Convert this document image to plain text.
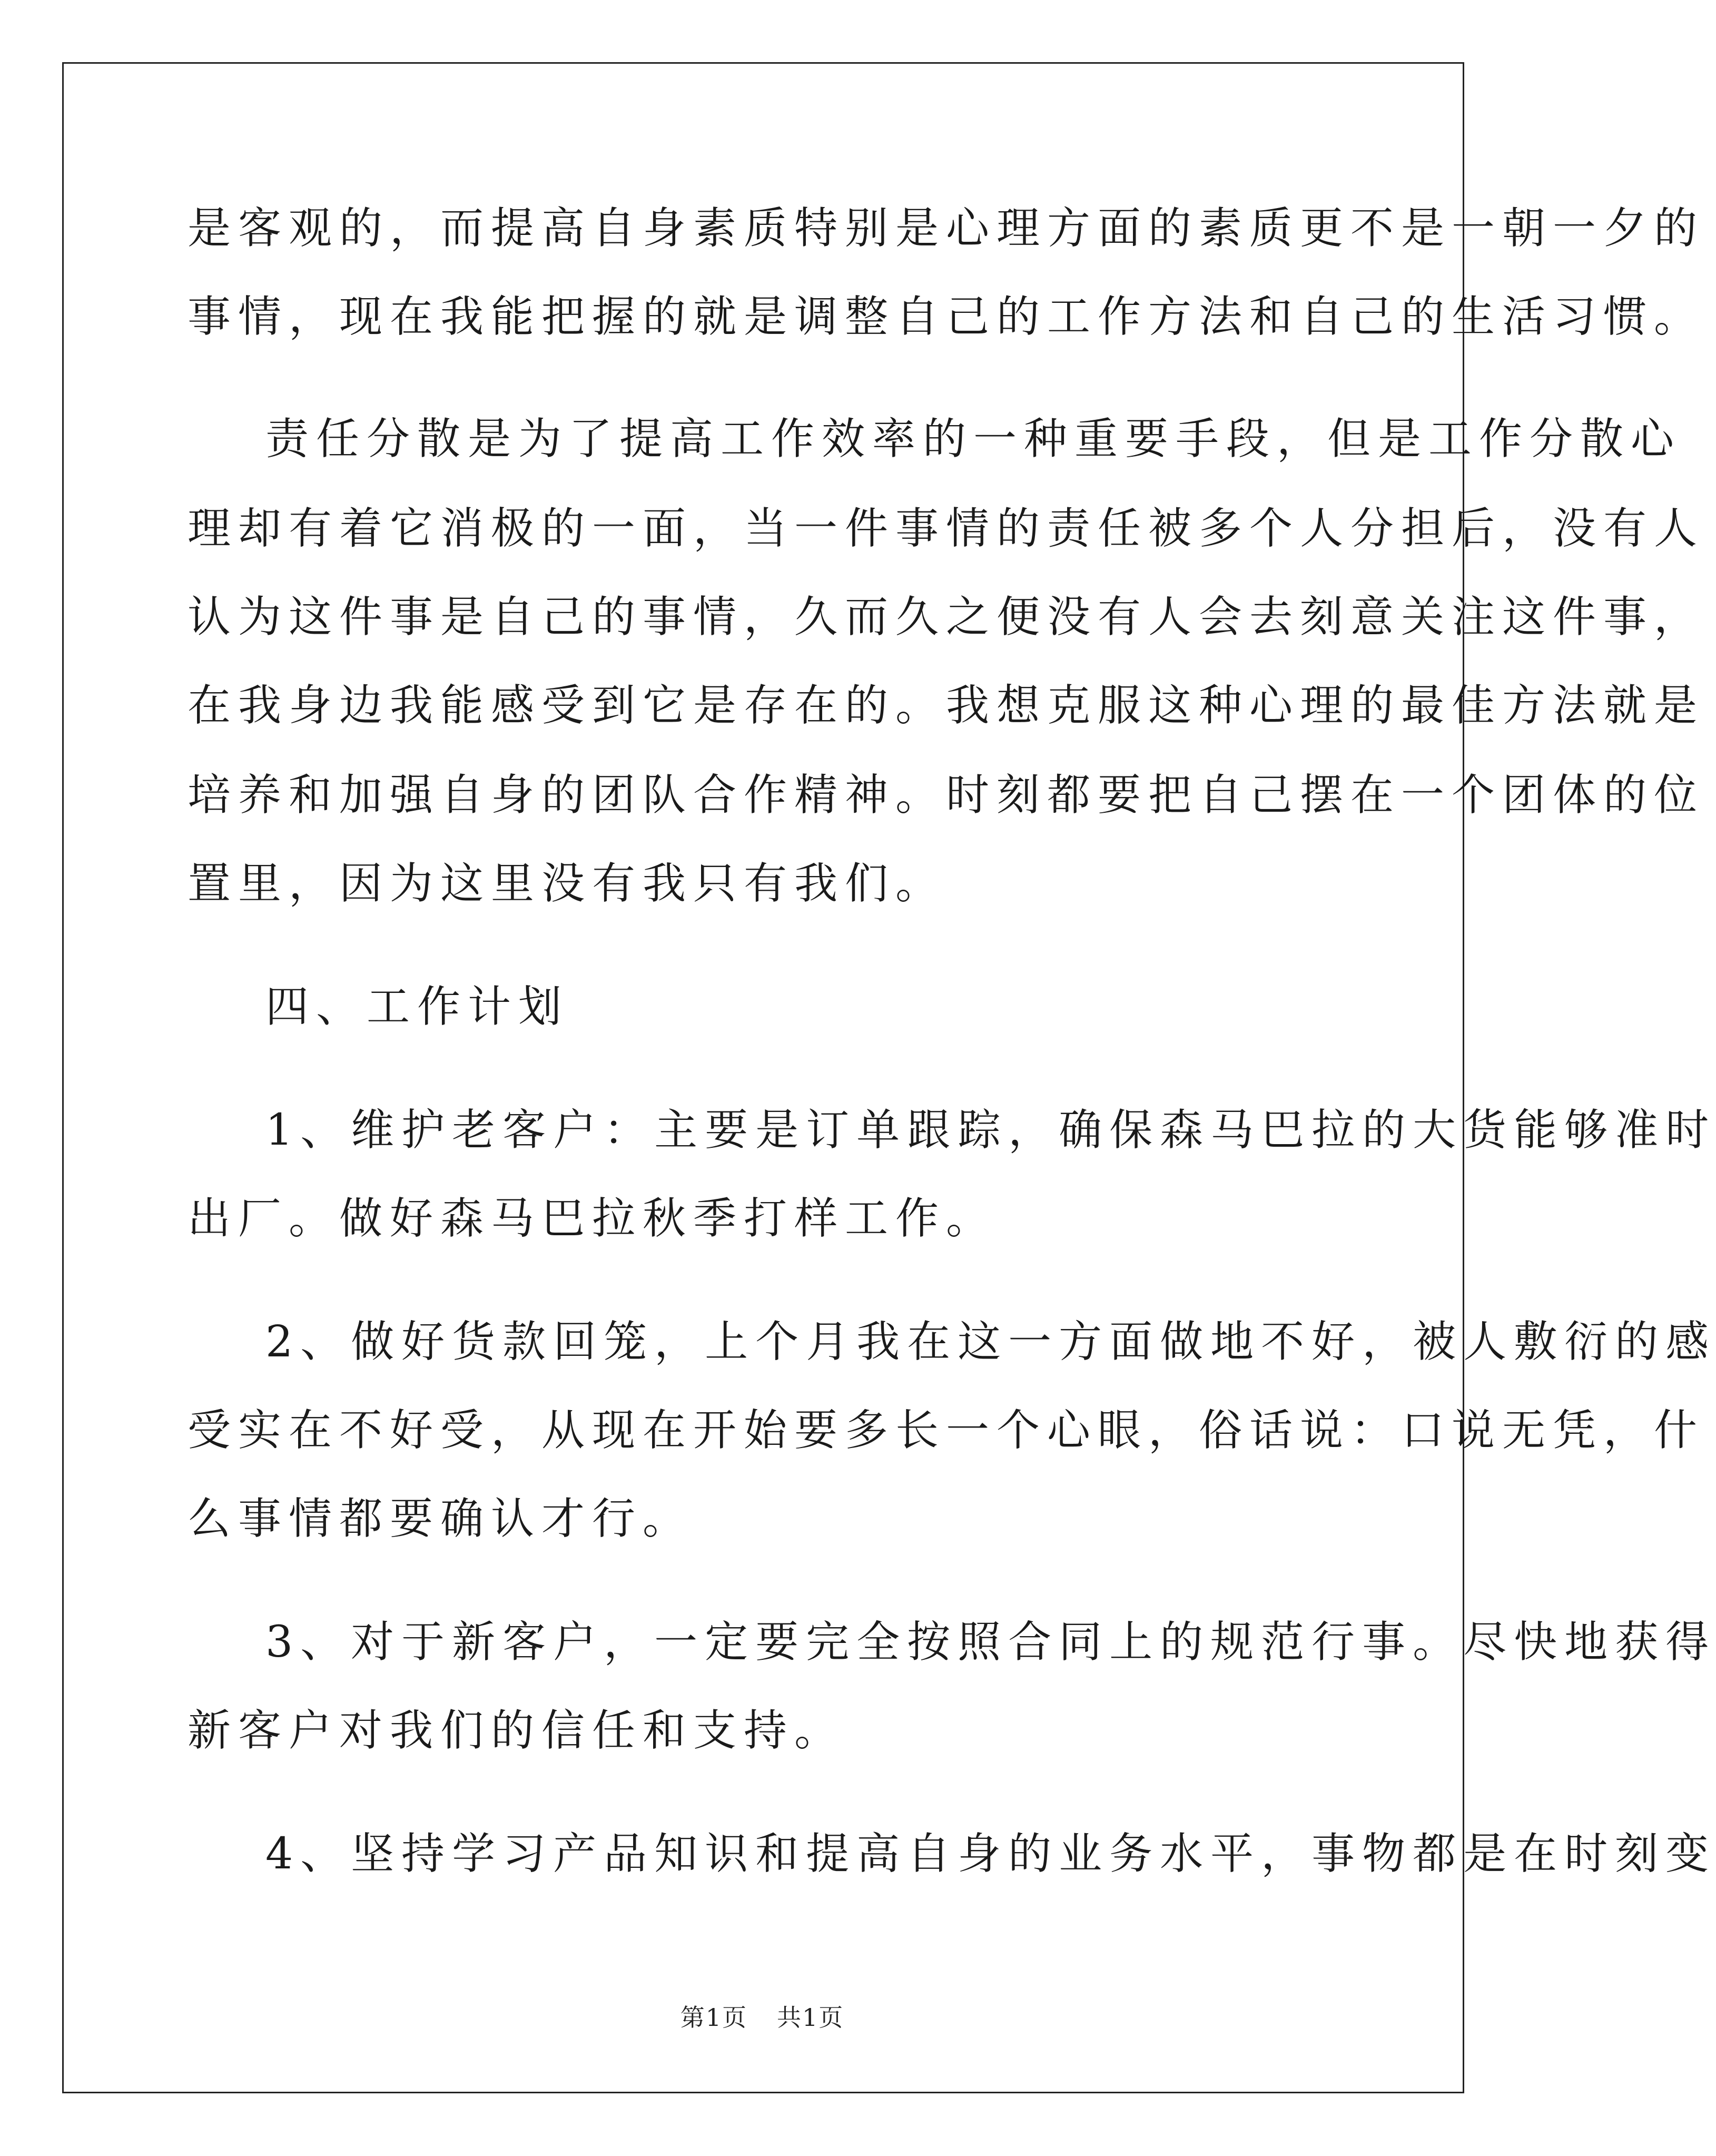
是客观的，而提高自身素质特别是心理方面的素质更不是一朝一夕的
事情，现在我能把握的就是调整自己的工作方法和自己的生活习惯。
责任分散是为了提高工作效率的一种重要手段，但是工作分散心
理却有着它消极的一面，当一件事情的责任被多个人分担后，没有人
认为这件事是自己的事情，久而久之便没有人会去刻意关注这件事，
在我身边我能感受到它是存在的。我想克服这种心理的最佳方法就是
培养和加强自身的团队合作精神。时刻都要把自己摆在一个团体的位
置里，因为这里没有我只有我们。
四、工作计划
1、维护老客户：主要是订单跟踪，确保森马巴拉的大货能够准时
出厂。做好森马巴拉秋季打样工作。
2、做好货款回笼，上个月我在这一方面做地不好，被人敷衍的感
受实在不好受，从现在开始要多长一个心眼，俗话说：口说无凭，什
么事情都要确认才行。
3、对于新客户，一定要完全按照合同上的规范行事。尽快地获得
新客户对我们的信任和支持。
4、坚持学习产品知识和提高自身的业务水平，事物都是在时刻变
第1页 共1页
